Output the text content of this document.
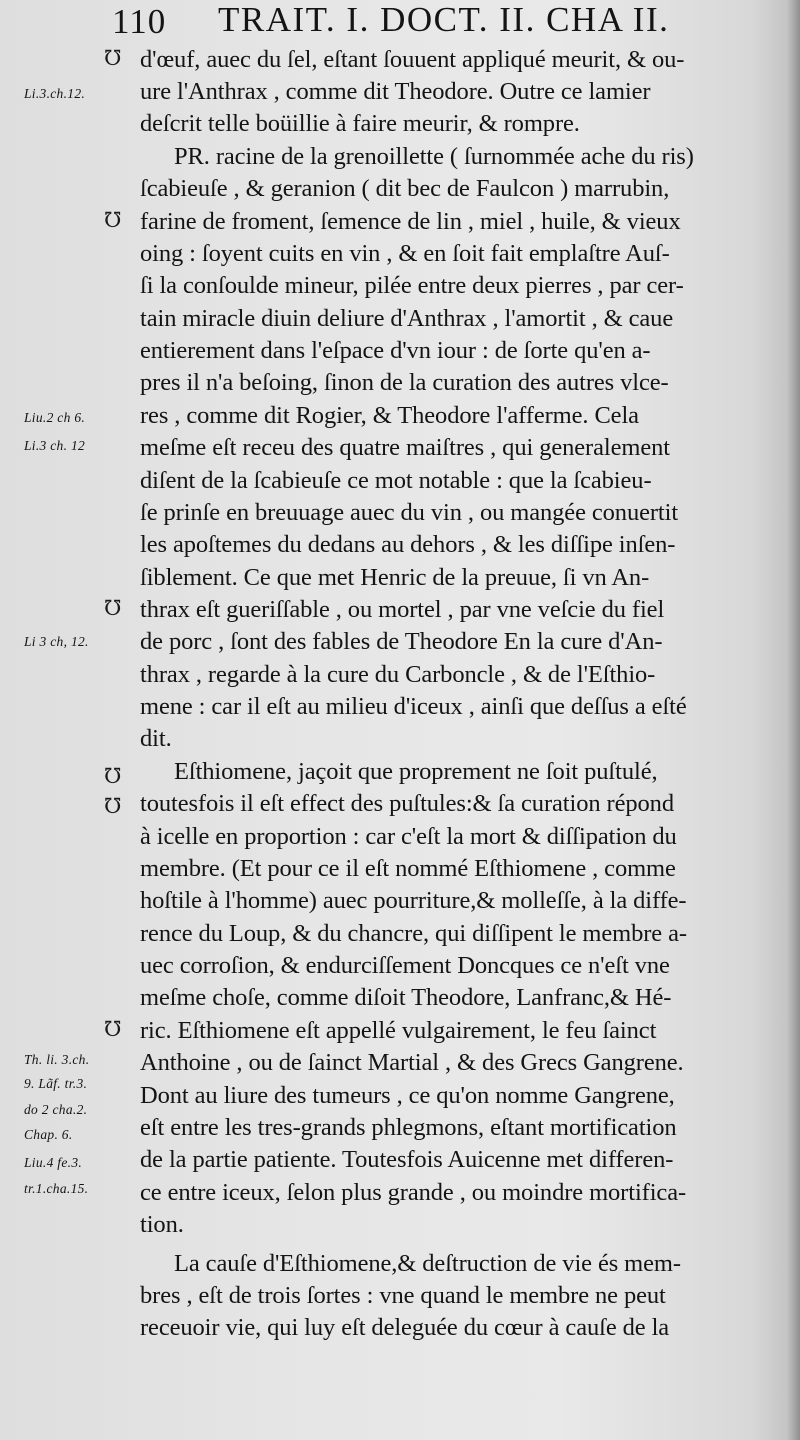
110 TRAIT. I. DOCT. II. CHA II.
d'œuf, auec du ſel, eſtant ſouuent appliqué meurit, & ou-
ure l'Anthrax , comme dit Theodore. Outre ce lamier
deſcrit telle boüillie à faire meurir, & rompre.
PR. racine de la grenoillette ( ſurnommée ache du ris)
ſcabieuſe , & geranion ( dit bec de Faulcon ) marrubin,
farine de froment, ſemence de lin , miel , huile, & vieux
oing : ſoyent cuits en vin , & en ſoit fait emplaſtre Auſ-
ſi la conſoulde mineur, pilée entre deux pierres , par cer-
tain miracle diuin deliure d'Anthrax , l'amortit , & caue
entierement dans l'eſpace d'vn iour : de ſorte qu'en a-
pres il n'a beſoing, ſinon de la curation des autres vlce-
res , comme dit Rogier, & Theodore l'afferme. Cela
meſme eſt receu des quatre maiſtres , qui generalement
diſent de la ſcabieuſe ce mot notable : que la ſcabieu-
ſe prinſe en breuuage auec du vin , ou mangée conuertit
les apoſtemes du dedans au dehors , & les diſſipe inſen-
ſiblement. Ce que met Henric de la preuue, ſi vn An-
thrax eſt gueriſſable , ou mortel , par vne veſcie du fiel
de porc , ſont des fables de Theodore En la cure d'An-
thrax , regarde à la cure du Carboncle , & de l'Eſthio-
mene : car il eſt au milieu d'iceux , ainſi que deſſus a eſté
dit.
Eſthiomene, jaçoit que proprement ne ſoit puſtulé,
toutesfois il eſt effect des puſtules:& ſa curation répond
à icelle en proportion : car c'eſt la mort & diſſipation du
membre. (Et pour ce il eſt nommé Eſthiomene , comme
hoſtile à l'homme) auec pourriture,& molleſſe, à la diffe-
rence du Loup, & du chancre, qui diſſipent le membre a-
uec corroſion, & endurciſſement Doncques ce n'eſt vne
meſme choſe, comme diſoit Theodore, Lanfranc,& Hé-
ric. Eſthiomene eſt appellé vulgairement, le feu ſainct
Anthoine , ou de ſainct Martial , & des Grecs Gangrene.
Dont au liure des tumeurs , ce qu'on nomme Gangrene,
eſt entre les tres-grands phlegmons, eſtant mortification
de la partie patiente. Toutesfois Auicenne met differen-
ce entre iceux, ſelon plus grande , ou moindre mortifica-
tion.
La cauſe d'Eſthiomene,& deſtruction de vie és mem-
bres , eſt de trois ſortes : vne quand le membre ne peut
receuoir vie, qui luy eſt deleguée du cœur à cauſe de la
℧
℧
℧
℧
℧
℧
Li.3.ch.12.
Liu.2 ch 6.
Li.3 ch. 12
Li 3 ch, 12.
Th. li. 3.ch.
9. Lãf. tr.3.
do 2 cha.2.
Chap. 6.
Liu.4 fe.3.
tr.1.cha.15.
